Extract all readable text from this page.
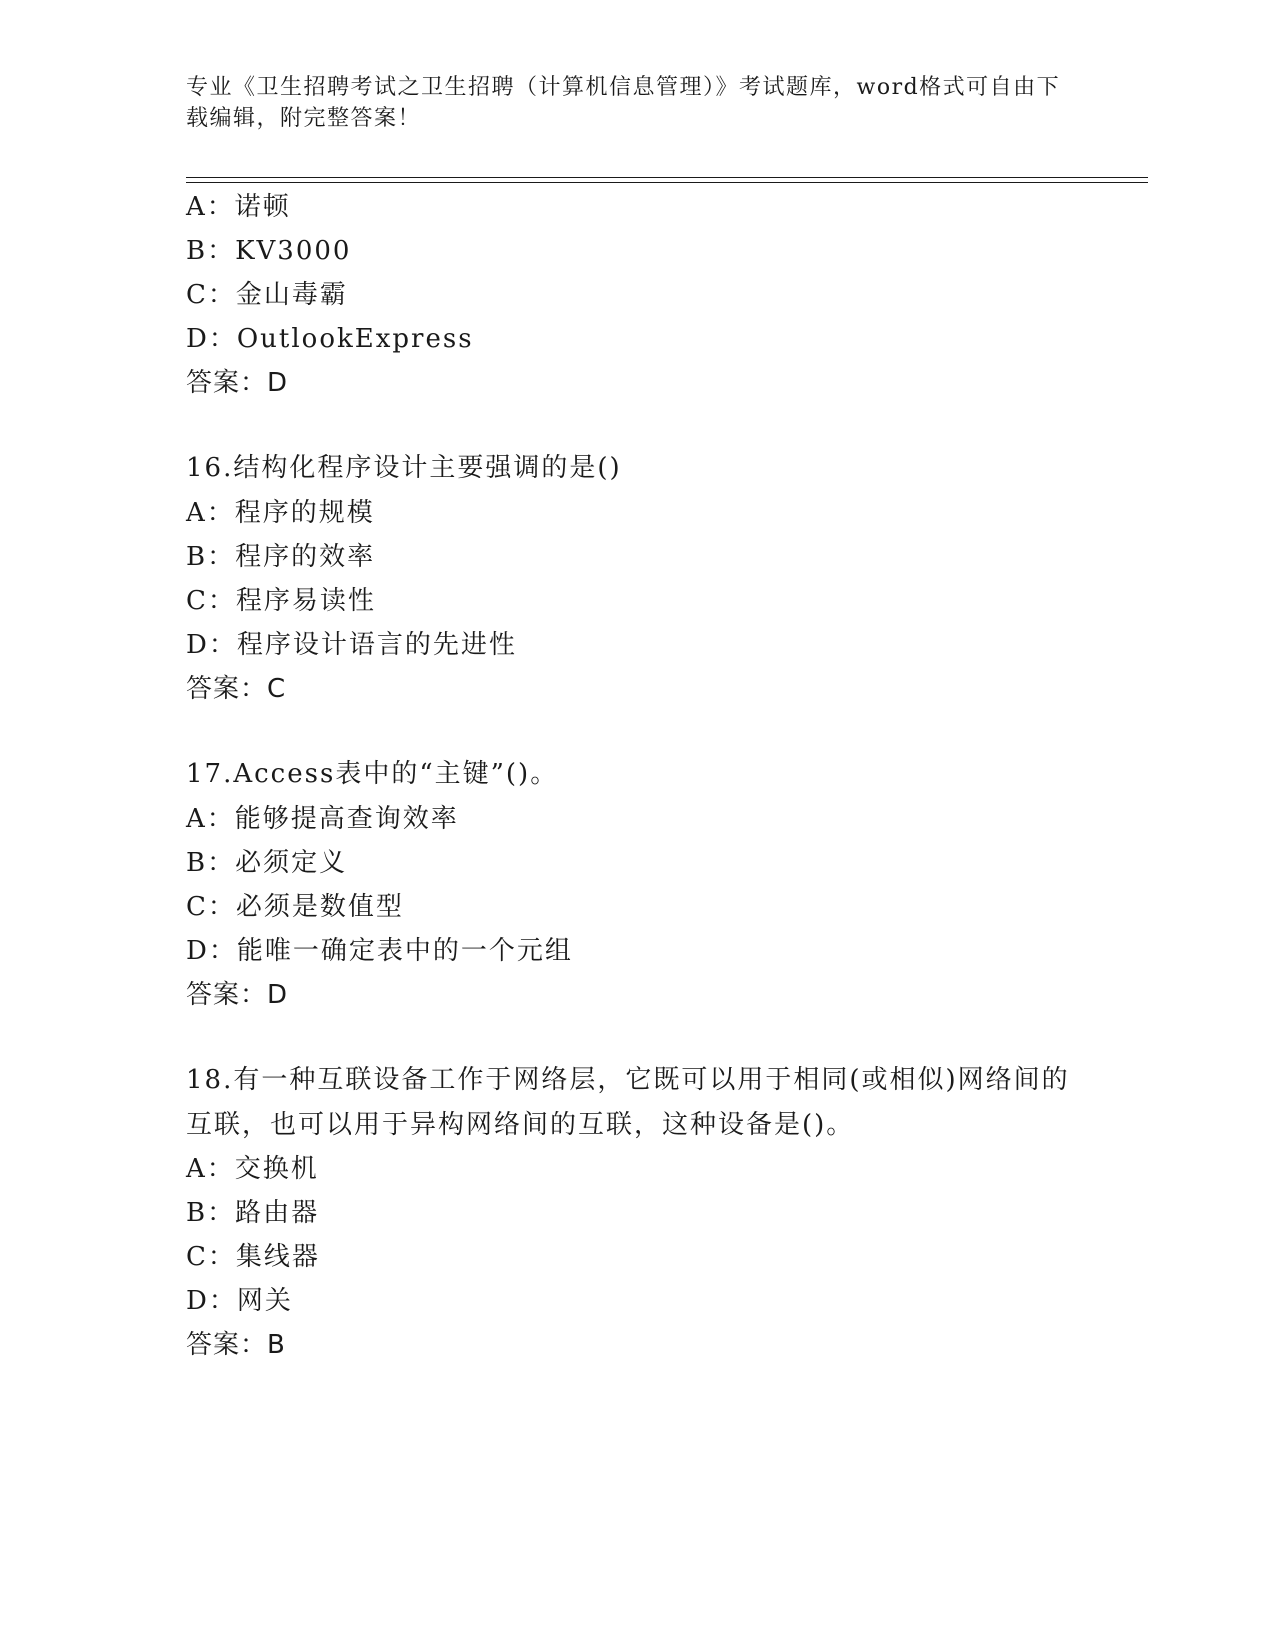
专业《卫生招聘考试之卫生招聘（计算机信息管理）》考试题库，word格式可自由下载编辑，附完整答案！
A：诺顿
B：KV3000
C：金山毒霸
D：OutlookExpress
答案：D
16.结构化程序设计主要强调的是()
A：程序的规模
B：程序的效率
C：程序易读性
D：程序设计语言的先进性
答案：C
17.Access表中的“主键”()。
A：能够提高查询效率
B：必须定义
C：必须是数值型
D：能唯一确定表中的一个元组
答案：D
18.有一种互联设备工作于网络层，它既可以用于相同(或相似)网络间的互联，也可以用于异构网络间的互联，这种设备是()。
A：交换机
B：路由器
C：集线器
D：网关
答案：B
